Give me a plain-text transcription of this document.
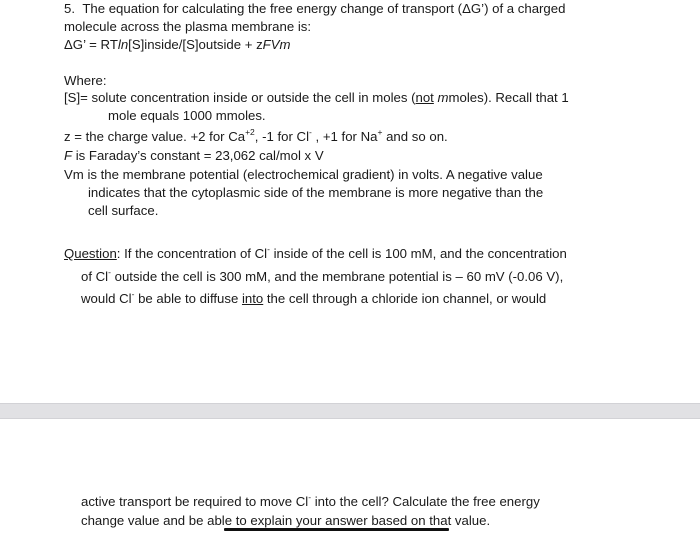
5. The equation for calculating the free energy change of transport (ΔG’) of a charged
molecule across the plasma membrane is:
ΔG’ = RTln[S]inside/[S]outside + zFVm
Where:
[S]= solute concentration inside or outside the cell in moles (not mmoles). Recall that 1
mole equals 1000 mmoles.
z = the charge value. +2 for $Ca^{+2}$, -1 for Cl- , +1 for Na+ and so on.
F is Faraday’s constant = 23,062 cal/mol x V
Vm is the membrane potential (electrochemical gradient) in volts. A negative value
indicates that the cytoplasmic side of the membrane is more negative than the
cell surface.
Question: If the concentration of Cl- inside of the cell is 100 mM, and the concentration
of Cl- outside the cell is 300 mM, and the membrane potential is – 60 mV (-0.06 V),
would Cl- be able to diffuse into the cell through a chloride ion channel, or would
active transport be required to move Cl- into the cell? Calculate the free energy
change value and be able to explain your answer based on that value.
